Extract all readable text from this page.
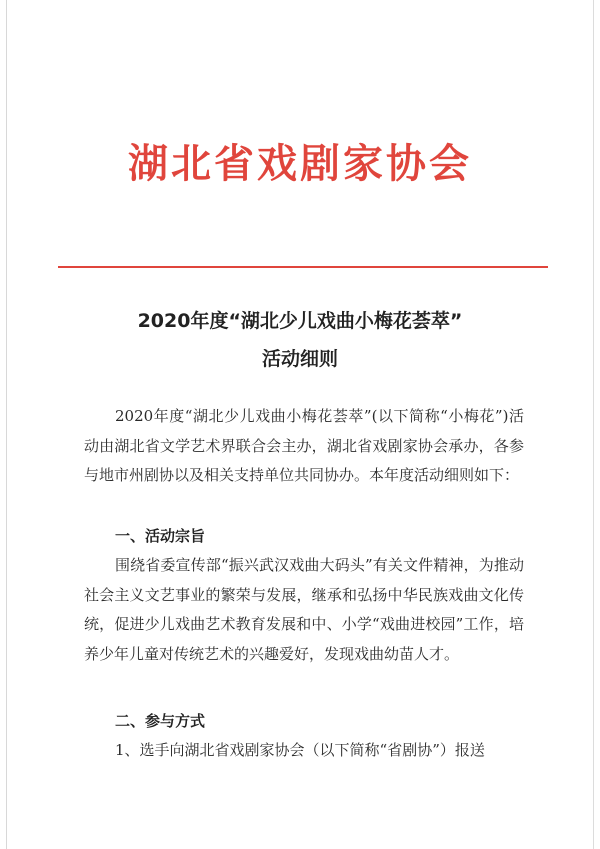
湖北省戏剧家协会
2020年度“湖北少儿戏曲小梅花荟萃”
活动细则

2020年度“湖北少儿戏曲小梅花荟萃”(以下简称“小梅花”)活动由湖北省文学艺术界联合会主办，湖北省戏剧家协会承办，各参与地市州剧协以及相关支持单位共同协办。本年度活动细则如下：

一、活动宗旨

围绕省委宣传部“振兴武汉戏曲大码头”有关文件精神，为推动社会主义文艺事业的繁荣与发展，继承和弘扬中华民族戏曲文化传统，促进少儿戏曲艺术教育发展和中、小学“戏曲进校园”工作，培养少年儿童对传统艺术的兴趣爱好，发现戏曲幼苗人才。

二、参与方式

1、选手向湖北省戏剧家协会（以下简称“省剧协”）报送
